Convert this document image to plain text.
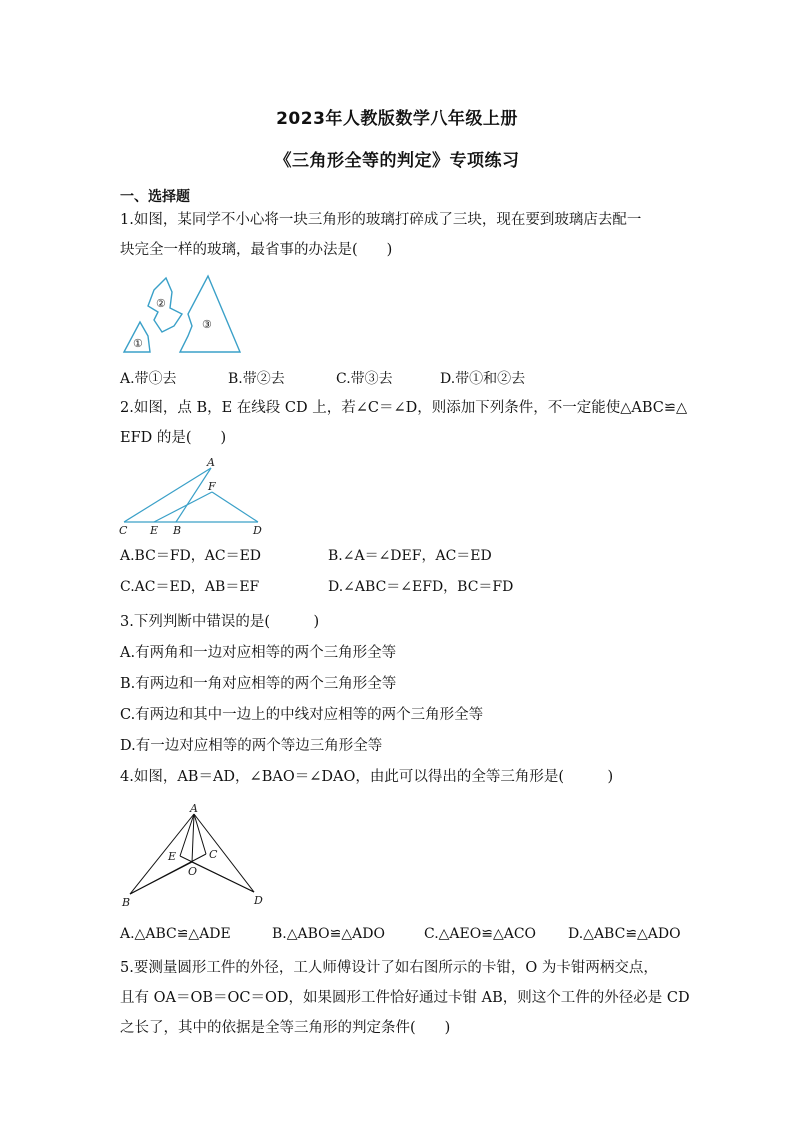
2023年人教版数学八年级上册
《三角形全等的判定》专项练习
一、选择题
1.如图，某同学不小心将一块三角形的玻璃打碎成了三块，现在要到玻璃店去配一
块完全一样的玻璃，最省事的办法是(　　)
①
②
③
A.带①去	B.带②去	C.带③去	D.带①和②去
2.如图，点 B，E 在线段 CD 上，若∠C＝∠D，则添加下列条件，不一定能使△ABC≌△
EFD 的是(　　)
A
F
C E B	D
A.BC＝FD，AC＝ED	B.∠A＝∠DEF，AC＝ED
C.AC＝ED，AB＝EF	D.∠ABC＝∠EFD，BC＝FD
3.下列判断中错误的是(　　　)
A.有两角和一边对应相等的两个三角形全等
B.有两边和一角对应相等的两个三角形全等
C.有两边和其中一边上的中线对应相等的两个三角形全等
D.有一边对应相等的两个等边三角形全等
4.如图，AB＝AD，∠BAO＝∠DAO，由此可以得出的全等三角形是(　　　)
A
E	C
O
B	D
A.△ABC≌△ADE	B.△ABO≌△ADO	C.△AEO≌△ACO D.△ABC≌△ADO
5.要测量圆形工件的外径，工人师傅设计了如右图所示的卡钳，O 为卡钳两柄交点，
且有 OA＝OB＝OC＝OD，如果圆形工件恰好通过卡钳 AB，则这个工件的外径必是 CD
之长了，其中的依据是全等三角形的判定条件(　　)
